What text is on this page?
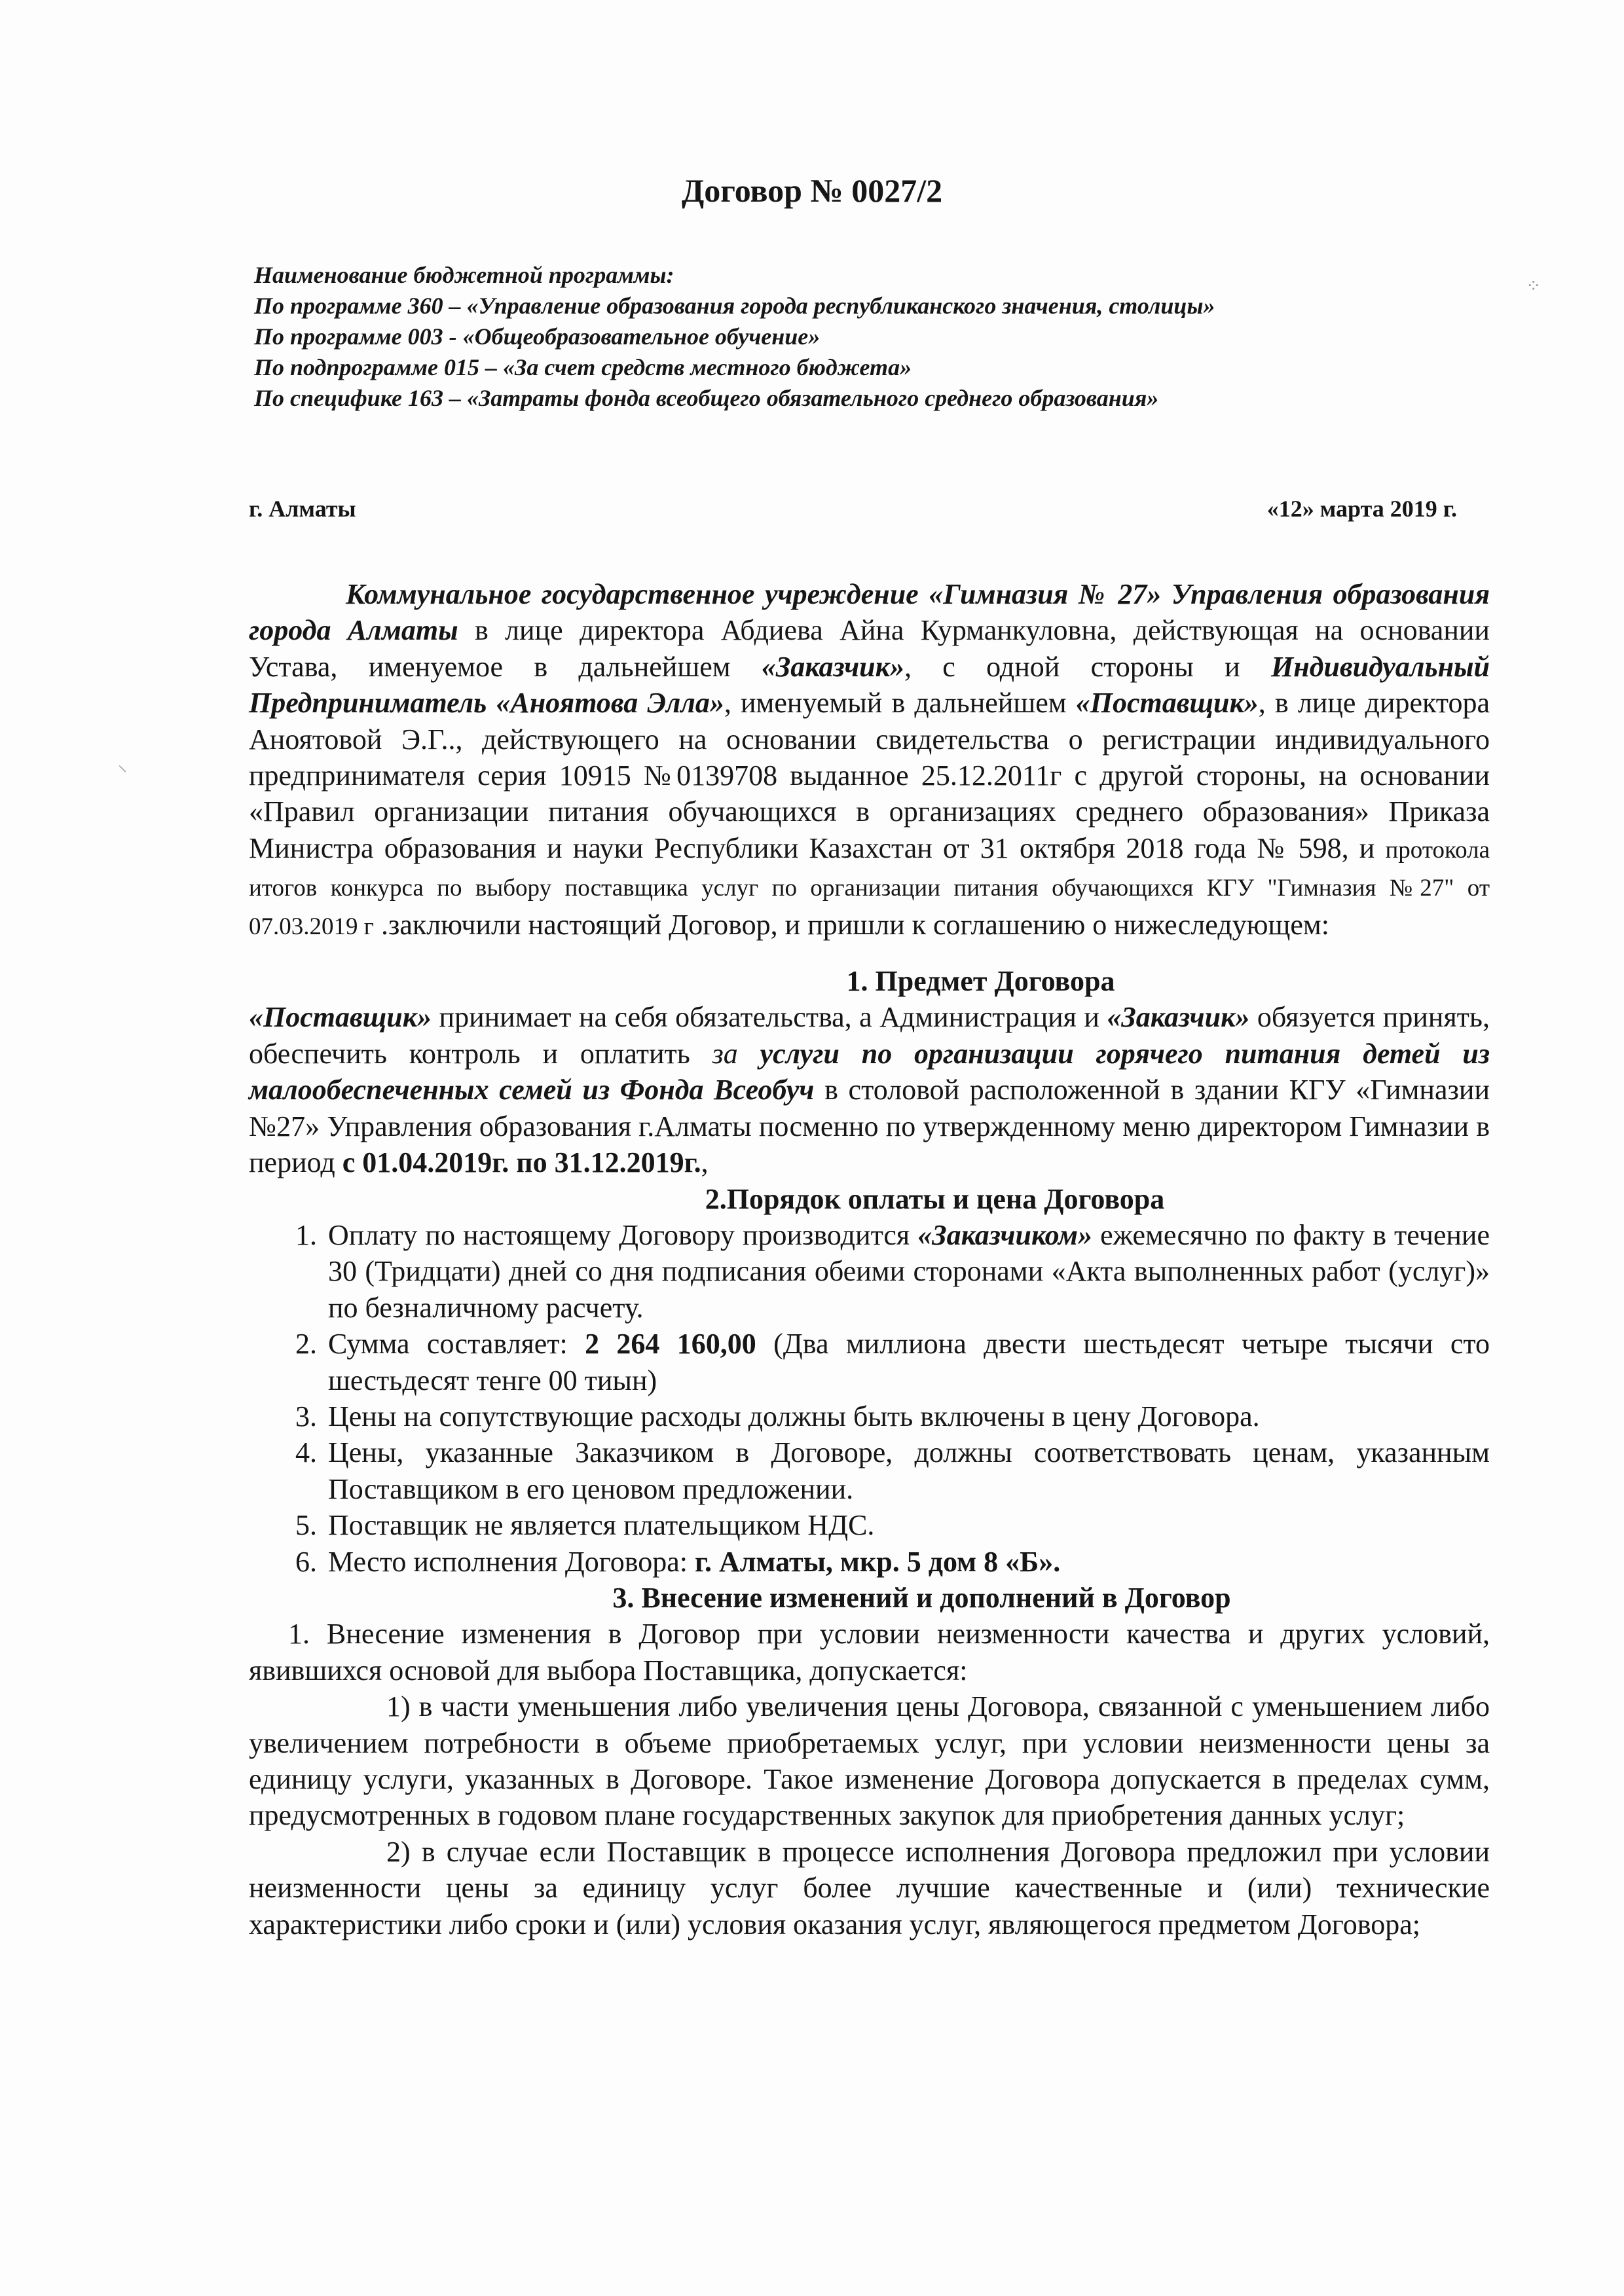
Договор № 0027/2
Наименование бюджетной программы:
По программе 360 – «Управление образования города республиканского значения, столицы»
По программе 003 - «Общеобразовательное обучение»
По подпрограмме 015 – «За счет средств местного бюджета»
По специфике 163 – «Затраты фонда всеобщего обязательного среднего образования»
г. Алматы	«12» марта 2019 г.

Коммунальное государственное учреждение «Гимназия № 27» Управления образования города Алматы в лице директора Абдиева Айна Курманкуловна, действующая на основании Устава, именуемое в дальнейшем «Заказчик», с одной стороны и Индивидуальный Предприниматель «Аноятова Элла», именуемый в дальнейшем «Поставщик», в лице директора Аноятовой Э.Г.., действующего на основании свидетельства о регистрации индивидуального предпринимателя серия 10915 №0139708 выданное 25.12.2011г с другой стороны, на основании «Правил организации питания обучающихся в организациях среднего образования» Приказа Министра образования и науки Республики Казахстан от 31 октября 2018 года № 598, и протокола итогов конкурса по выбору поставщика услуг по организации питания обучающихся КГУ "Гимназия №27" от 07.03.2019 г .заключили настоящий Договор, и пришли к соглашению о нижеследующем:

1. Предмет Договора

«Поставщик» принимает на себя обязательства, а Администрация и «Заказчик» обязуется принять, обеспечить контроль и оплатить за услуги по организации горячего питания детей из малообеспеченных семей из Фонда Всеобуч в столовой расположенной в здании КГУ «Гимназии №27» Управления образования г.Алматы посменно по утвержденному меню директором Гимназии в период с 01.04.2019г. по 31.12.2019г.,

2.Порядок оплаты и цена Договора

1. Оплату по настоящему Договору производится «Заказчиком» ежемесячно по факту в течение 30 (Тридцати) дней со дня подписания обеими сторонами «Акта выполненных работ (услуг)» по безналичному расчету.
2. Сумма составляет: 2 264 160,00 (Два миллиона двести шестьдесят четыре тысячи сто шестьдесят тенге 00 тиын)
3. Цены на сопутствующие расходы должны быть включены в цену Договора.
4. Цены, указанные Заказчиком в Договоре, должны соответствовать ценам, указанным Поставщиком в его ценовом предложении.
5. Поставщик не является плательщиком НДС.
6. Место исполнения Договора: г. Алматы, мкр. 5 дом 8 «Б».

3. Внесение изменений и дополнений в Договор

1. Внесение изменения в Договор при условии неизменности качества и других условий, явившихся основой для выбора Поставщика, допускается:

1) в части уменьшения либо увеличения цены Договора, связанной с уменьшением либо увеличением потребности в объеме приобретаемых услуг, при условии неизменности цены за единицу услуги, указанных в Договоре. Такое изменение Договора допускается в пределах сумм, предусмотренных в годовом плане государственных закупок для приобретения данных услуг;

2) в случае если Поставщик в процессе исполнения Договора предложил при условии неизменности цены за единицу услуг более лучшие качественные и (или) технические характеристики либо сроки и (или) условия оказания услуг, являющегося предметом Договора;

⁘
⸌
